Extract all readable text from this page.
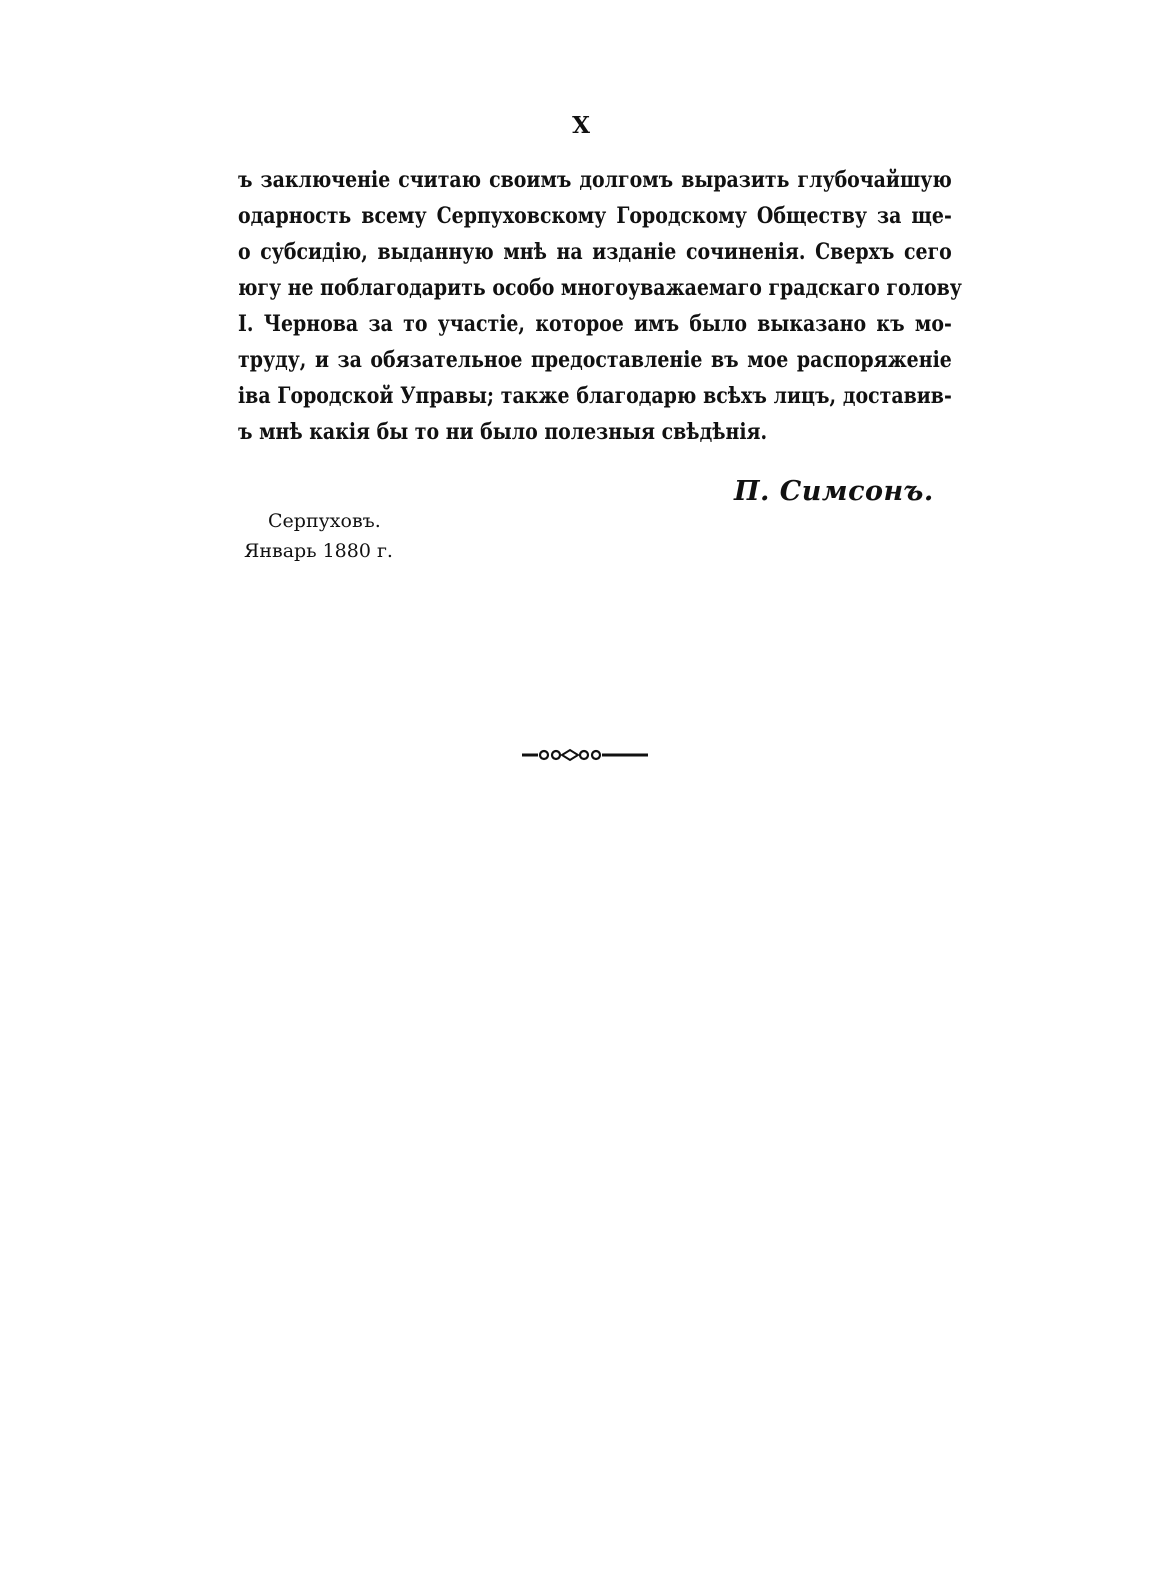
X
ъ заключенiе считаю своимъ долгомъ выразить глубочайшую
одарность всему Серпуховскому Городскому Обществу за ще-
о субсидiю, выданную мнѣ на изданiе сочиненiя. Сверхъ сего
югу не поблагодарить особо многоуважаемаго градскаго голову
І. Чернова за то участiе, которое имъ было выказано къ мо-
труду, и за обязательное предоставленiе въ мое распоряженiе
іва Городской Управы; также благодарю всѣхъ лицъ, доставив-
ъ мнѣ какiя бы то ни было полезныя свѣдѣнiя.
П. Симсонъ.
Серпуховъ.
Январь 1880 г.
